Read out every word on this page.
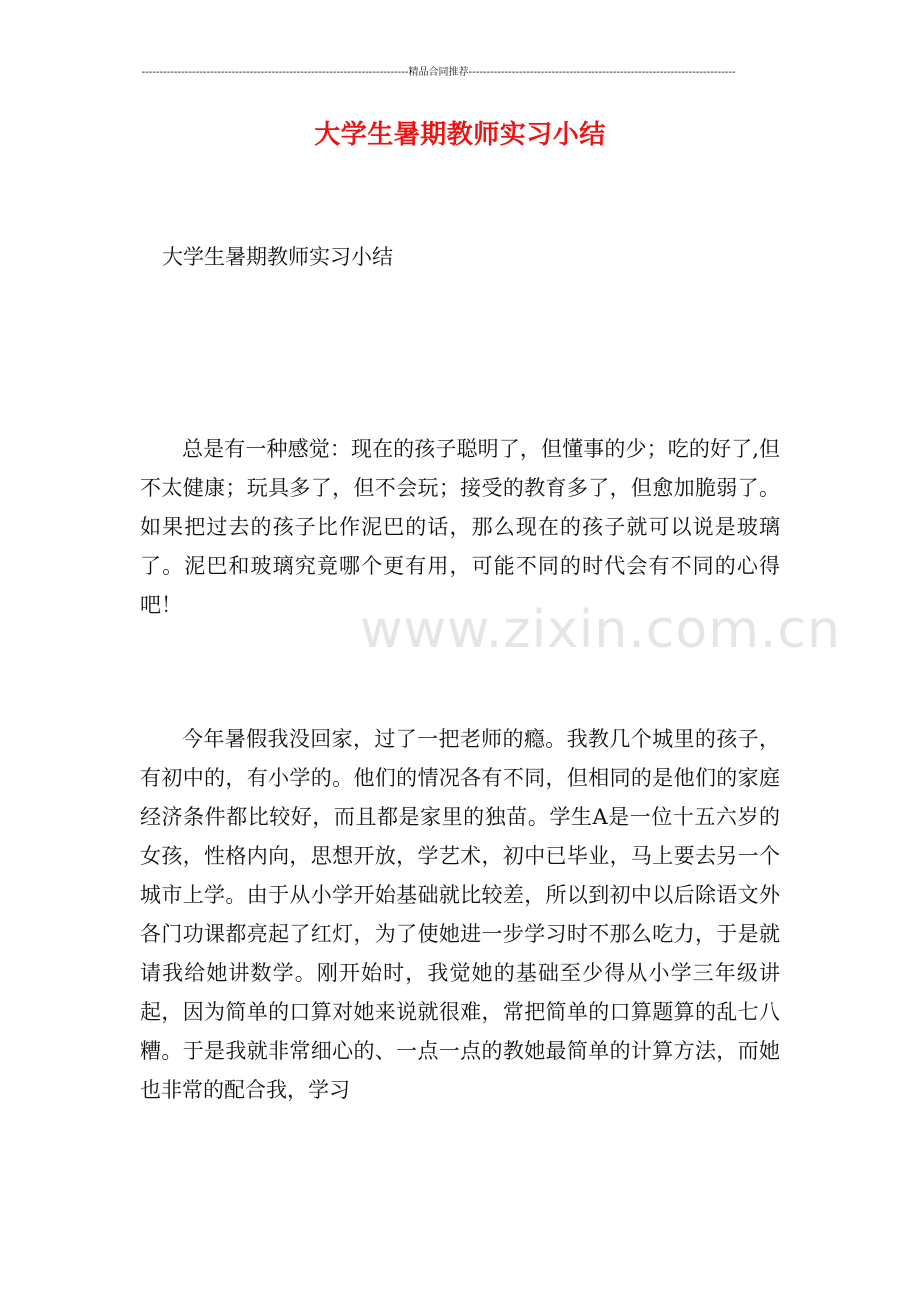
--------------------------------------------------------------------------精品合同推荐--------------------------------------------------------------------------
大学生暑期教师实习小结
大学生暑期教师实习小结

总是有一种感觉：现在的孩子聪明了，但懂事的少；吃的好了,但不太健康；玩具多了，但不会玩；接受的教育多了，但愈加脆弱了。如果把过去的孩子比作泥巴的话，那么现在的孩子就可以说是玻璃了。泥巴和玻璃究竟哪个更有用，可能不同的时代会有不同的心得吧！

今年暑假我没回家，过了一把老师的瘾。我教几个城里的孩子，有初中的，有小学的。他们的情况各有不同，但相同的是他们的家庭经济条件都比较好，而且都是家里的独苗。学生A是一位十五六岁的女孩，性格内向，思想开放，学艺术，初中已毕业，马上要去另一个城市上学。由于从小学开始基础就比较差，所以到初中以后除语文外各门功课都亮起了红灯，为了使她进一步学习时不那么吃力，于是就请我给她讲数学。刚开始时，我觉她的基础至少得从小学三年级讲起，因为简单的口算对她来说就很难，常把简单的口算题算的乱七八糟。于是我就非常细心的、一点一点的教她最简单的计算方法，而她也非常的配合我，学习

www.zixin.com.cn
